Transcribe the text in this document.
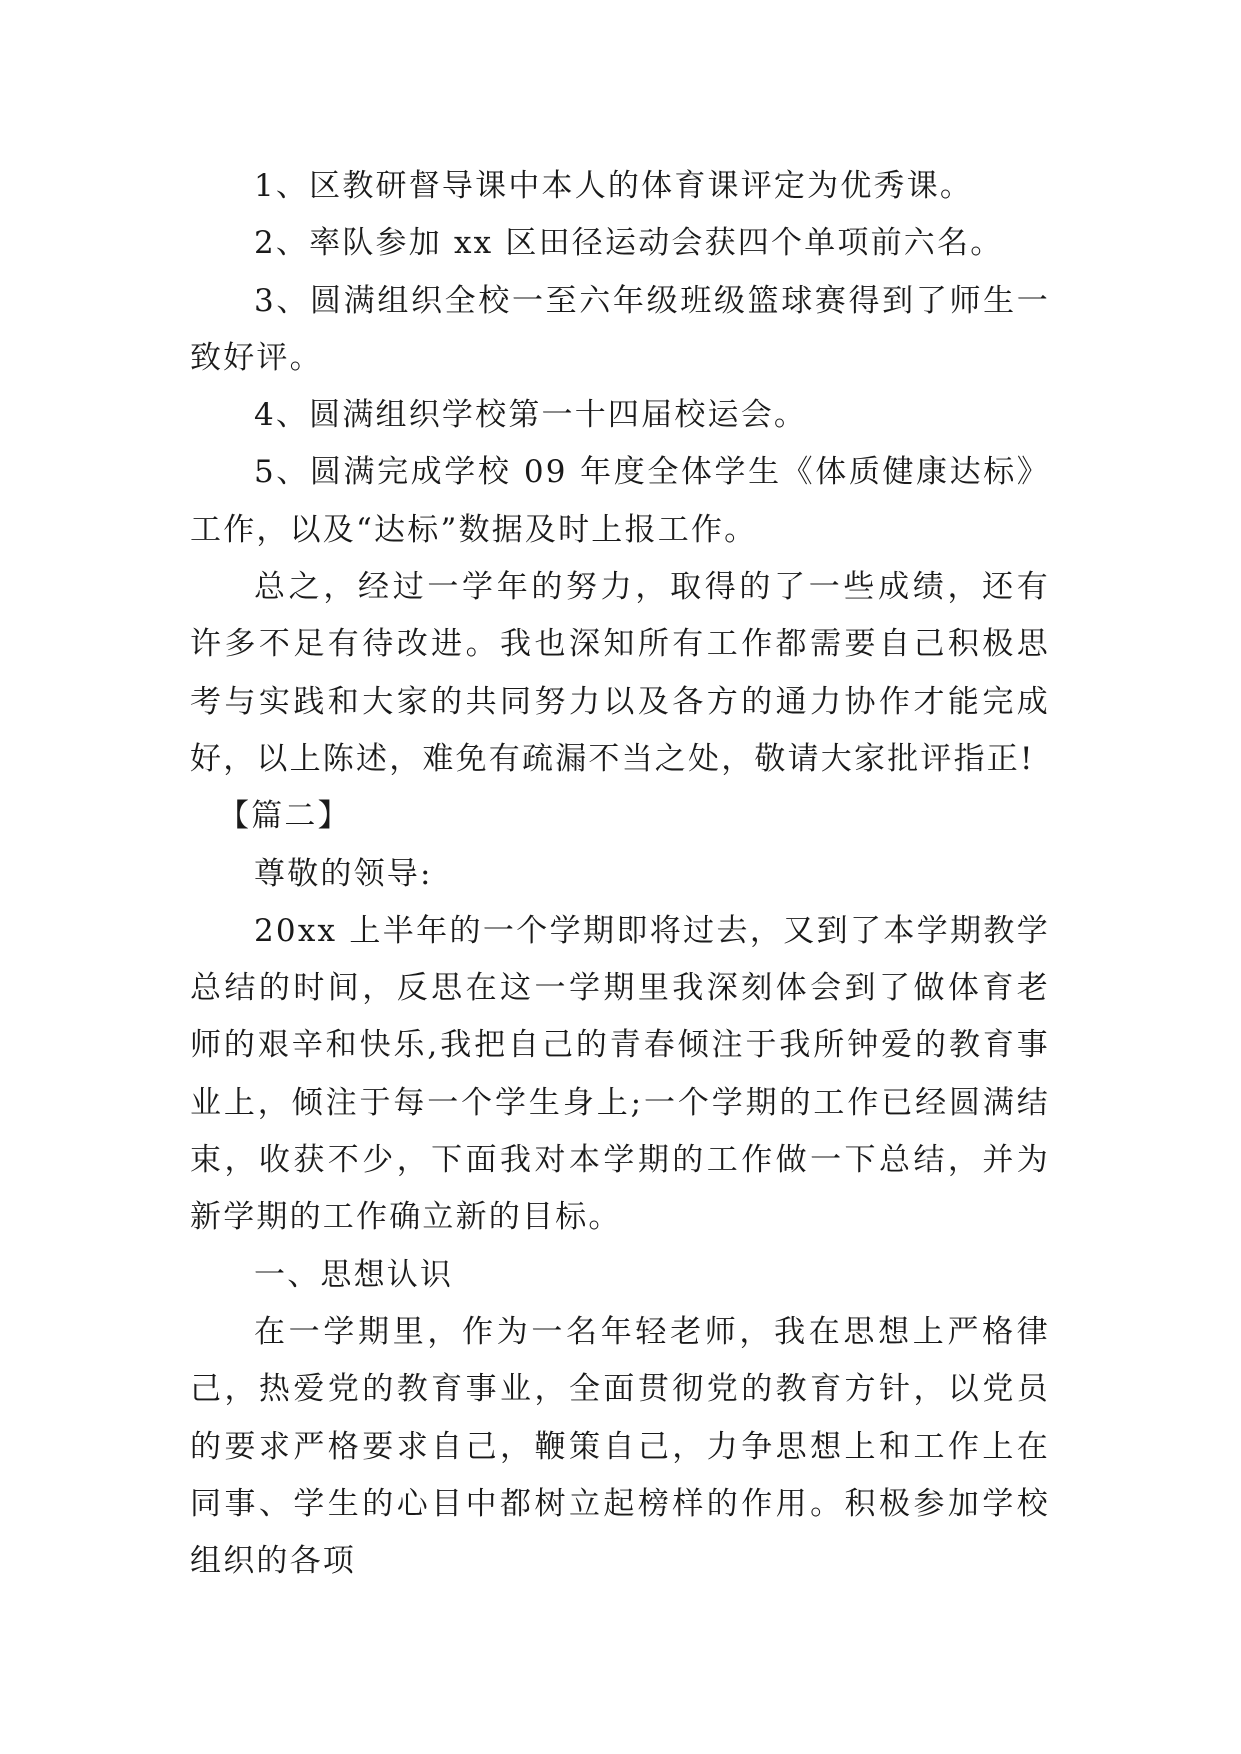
1、区教研督导课中本人的体育课评定为优秀课。

2、率队参加 xx 区田径运动会获四个单项前六名。

3、圆满组织全校一至六年级班级篮球赛得到了师生一致好评。

4、圆满组织学校第一十四届校运会。

5、圆满完成学校 09 年度全体学生《体质健康达标》工作，以及“达标”数据及时上报工作。

总之，经过一学年的努力，取得的了一些成绩，还有许多不足有待改进。我也深知所有工作都需要自己积极思考与实践和大家的共同努力以及各方的通力协作才能完成好，以上陈述，难免有疏漏不当之处，敬请大家批评指正!

【篇二】

尊敬的领导:

20xx 上半年的一个学期即将过去，又到了本学期教学总结的时间，反思在这一学期里我深刻体会到了做体育老师的艰辛和快乐,我把自己的青春倾注于我所钟爱的教育事业上，倾注于每一个学生身上;一个学期的工作已经圆满结束，收获不少，下面我对本学期的工作做一下总结，并为新学期的工作确立新的目标。

一、思想认识

在一学期里，作为一名年轻老师，我在思想上严格律己，热爱党的教育事业，全面贯彻党的教育方针，以党员的要求严格要求自己，鞭策自己，力争思想上和工作上在同事、学生的心目中都树立起榜样的作用。积极参加学校组织的各项
